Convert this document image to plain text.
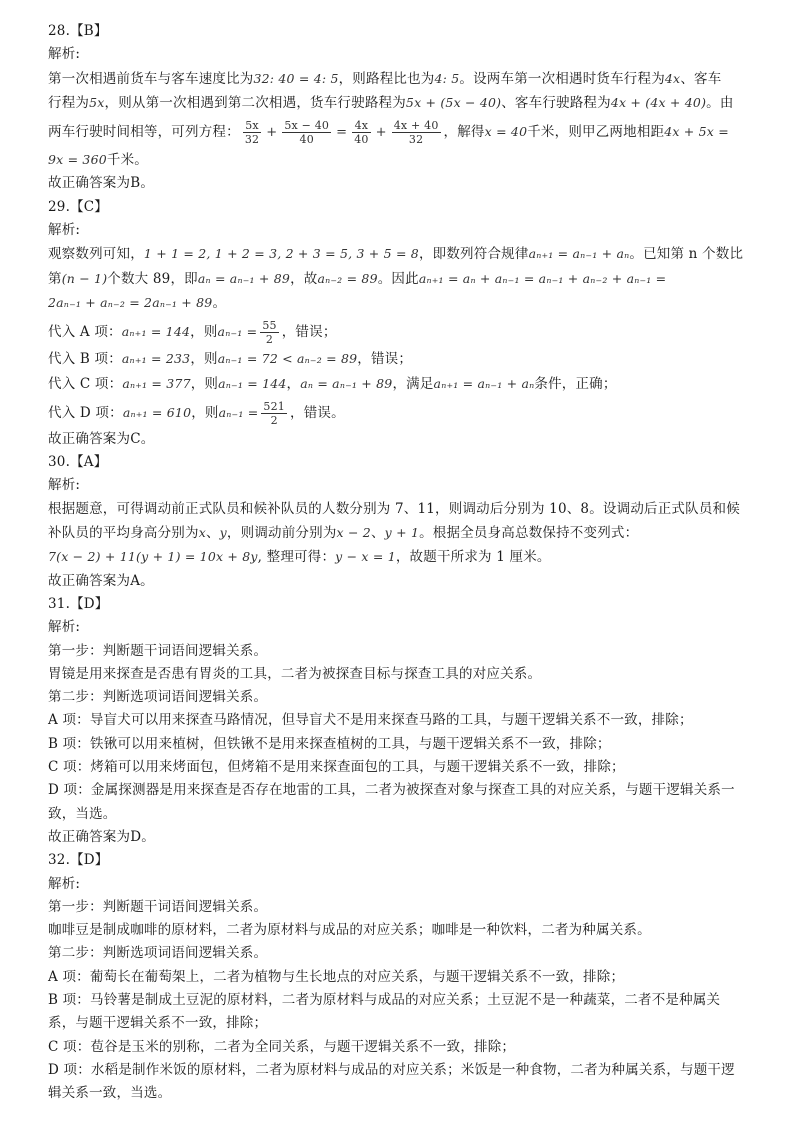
28.【B】
解析:
第一次相遇前货车与客车速度比为32: 40 = 4: 5，则路程比也为4: 5。设两车第一次相遇时货车行程为4x、客车
行程为5x，则从第一次相遇到第二次相遇，货车行驶路程为5x + (5x − 40)、客车行驶路程为4x + (4x + 40)。由
两车行驶时间相等，可列方程： $\frac{5x}{32} + \frac{5x - 40}{40} = \frac{4x}{40} + \frac{4x + 40}{32}$ ，解得x = 40千米，则甲乙两地相距4x + 5x =
9x = 360千米。
故正确答案为B。
29.【C】
解析:
观察数列可知，1 + 1 = 2, 1 + 2 = 3, 2 + 3 = 5, 3 + 5 = 8，即数列符合规律aₙ₊₁ = aₙ₋₁ + aₙ。已知第 n 个数比
第(n − 1)个数大 89，即aₙ = aₙ₋₁ + 89，故aₙ₋₂ = 89。因此aₙ₊₁ = aₙ + aₙ₋₁ = aₙ₋₁ + aₙ₋₂ + aₙ₋₁ =
2aₙ₋₁ + aₙ₋₂ = 2aₙ₋₁ + 89。
代入 A 项：aₙ₊₁ = 144，则$a_{n-1} = \frac{55}{2}$ ，错误；
代入 B 项：aₙ₊₁ = 233，则aₙ₋₁ = 72 < aₙ₋₂ = 89，错误；
代入 C 项：aₙ₊₁ = 377，则aₙ₋₁ = 144，aₙ = aₙ₋₁ + 89，满足aₙ₊₁ = aₙ₋₁ + aₙ条件，正确；
代入 D 项：aₙ₊₁ = 610，则$a_{n-1} = \frac{521}{2}$ ，错误。
故正确答案为C。
30.【A】
解析:
根据题意，可得调动前正式队员和候补队员的人数分别为 7、11，则调动后分别为 10、8。设调动后正式队员和候
补队员的平均身高分别为x、y，则调动前分别为x − 2、y + 1。根据全员身高总数保持不变列式：
7(x − 2) + 11(y + 1) = 10x + 8y, 整理可得：y − x = 1，故题干所求为 1 厘米。
故正确答案为A。
31.【D】
解析:
第一步：判断题干词语间逻辑关系。
胃镜是用来探查是否患有胃炎的工具，二者为被探查目标与探查工具的对应关系。
第二步：判断选项词语间逻辑关系。
A 项：导盲犬可以用来探查马路情况，但导盲犬不是用来探查马路的工具，与题干逻辑关系不一致，排除；
B 项：铁锹可以用来植树，但铁锹不是用来探查植树的工具，与题干逻辑关系不一致，排除；
C 项：烤箱可以用来烤面包，但烤箱不是用来探查面包的工具，与题干逻辑关系不一致，排除；
D 项：金属探测器是用来探查是否存在地雷的工具，二者为被探查对象与探查工具的对应关系，与题干逻辑关系一
致，当选。
故正确答案为D。
32.【D】
解析:
第一步：判断题干词语间逻辑关系。
咖啡豆是制成咖啡的原材料，二者为原材料与成品的对应关系；咖啡是一种饮料，二者为种属关系。
第二步：判断选项词语间逻辑关系。
A 项：葡萄长在葡萄架上，二者为植物与生长地点的对应关系，与题干逻辑关系不一致，排除；
B 项：马铃薯是制成土豆泥的原材料，二者为原材料与成品的对应关系；土豆泥不是一种蔬菜，二者不是种属关
系，与题干逻辑关系不一致，排除；
C 项：苞谷是玉米的别称，二者为全同关系，与题干逻辑关系不一致，排除；
D 项：水稻是制作米饭的原材料，二者为原材料与成品的对应关系；米饭是一种食物，二者为种属关系，与题干逻
辑关系一致，当选。
